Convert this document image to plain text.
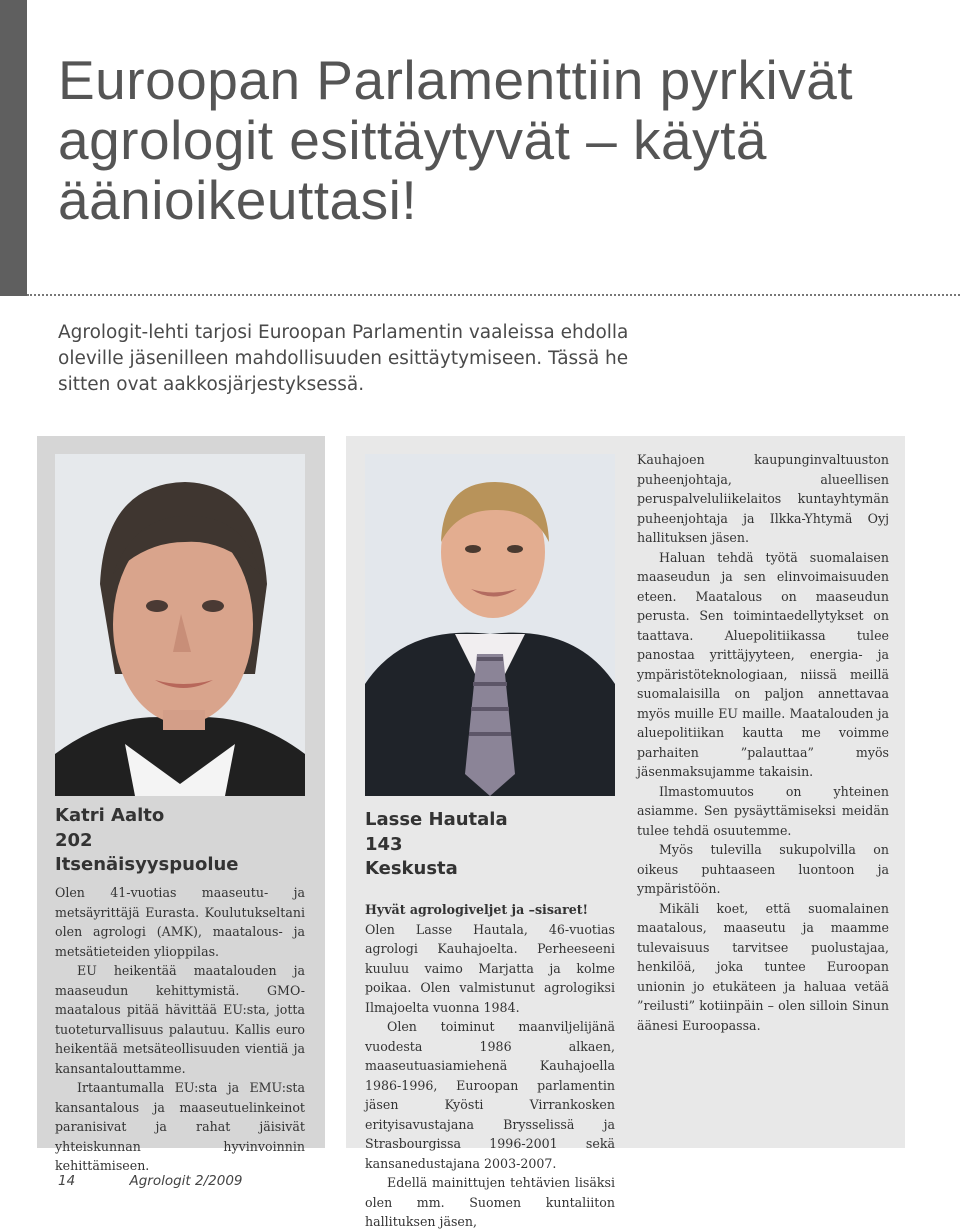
Euroopan Parlamenttiin pyrkivät agrologit esittäytyvät – käytä äänioikeuttasi!

Agrologit-lehti tarjosi Euroopan Parlamentin vaaleissa ehdolla oleville jäsenilleen mahdollisuuden esittäytymiseen. Tässä he sitten ovat aakkosjärjestyksessä.

Katri Aalto
202
Itsenäisyyspuolue

Olen 41-vuotias maaseutu- ja metsäyrittäjä Eurasta. Koulutukseltani olen agrologi (AMK), maatalous- ja metsätieteiden ylioppilas.

EU heikentää maatalouden ja maaseudun kehittymistä. GMO-maatalous pitää hävittää EU:sta, jotta tuoteturvallisuus palautuu. Kallis euro heikentää metsäteollisuuden vientiä ja kansantalouttamme.

Irtaantumalla EU:sta ja EMU:sta kansantalous ja maaseutuelinkeinot paranisivat ja rahat jäisivät yhteiskunnan hyvinvoinnin kehittämiseen.

Lasse Hautala
143
Keskusta

Hyvät agrologiveljet ja –sisaret!

Olen Lasse Hautala, 46-vuotias agrologi Kauhajoelta. Perheeseeni kuuluu vaimo Marjatta ja kolme poikaa. Olen valmistunut agrologiksi Ilmajoelta vuonna 1984.

Olen toiminut maanviljelijänä vuodesta 1986 alkaen, maaseutuasiamiehenä Kauhajoella 1986-1996, Euroopan parlamentin jäsen Kyösti Virrankosken erityisavustajana Brysselissä ja Strasbourgissa 1996-2001 sekä kansanedustajana 2003-2007.

Edellä mainittujen tehtävien lisäksi olen mm. Suomen kuntaliiton hallituksen jäsen,

Kauhajoen kaupunginvaltuuston puheenjohtaja, alueellisen peruspalveluliikelaitos kuntayhtymän puheenjohtaja ja Ilkka-Yhtymä Oyj hallituksen jäsen.

Haluan tehdä työtä suomalaisen maaseudun ja sen elinvoimaisuuden eteen. Maatalous on maaseudun perusta. Sen toimintaedellytykset on taattava. Aluepolitiikassa tulee panostaa yrittäjyyteen, energia- ja ympäristöteknologiaan, niissä meillä suomalaisilla on paljon annettavaa myös muille EU maille. Maatalouden ja aluepolitiikan kautta me voimme parhaiten ”palauttaa” myös jäsenmaksujamme takaisin.

Ilmastomuutos on yhteinen asiamme. Sen pysäyttämiseksi meidän tulee tehdä osuutemme.

Myös tulevilla sukupolvilla on oikeus puhtaaseen luontoon ja ympäristöön.

Mikäli koet, että suomalainen maatalous, maaseutu ja maamme tulevaisuus tarvitsee puolustajaa, henkilöä, joka tuntee Euroopan unionin jo etukäteen ja haluaa vetää ”reilusti” kotiinpäin – olen silloin Sinun äänesi Euroopassa.

14	Agrologit 2/2009
